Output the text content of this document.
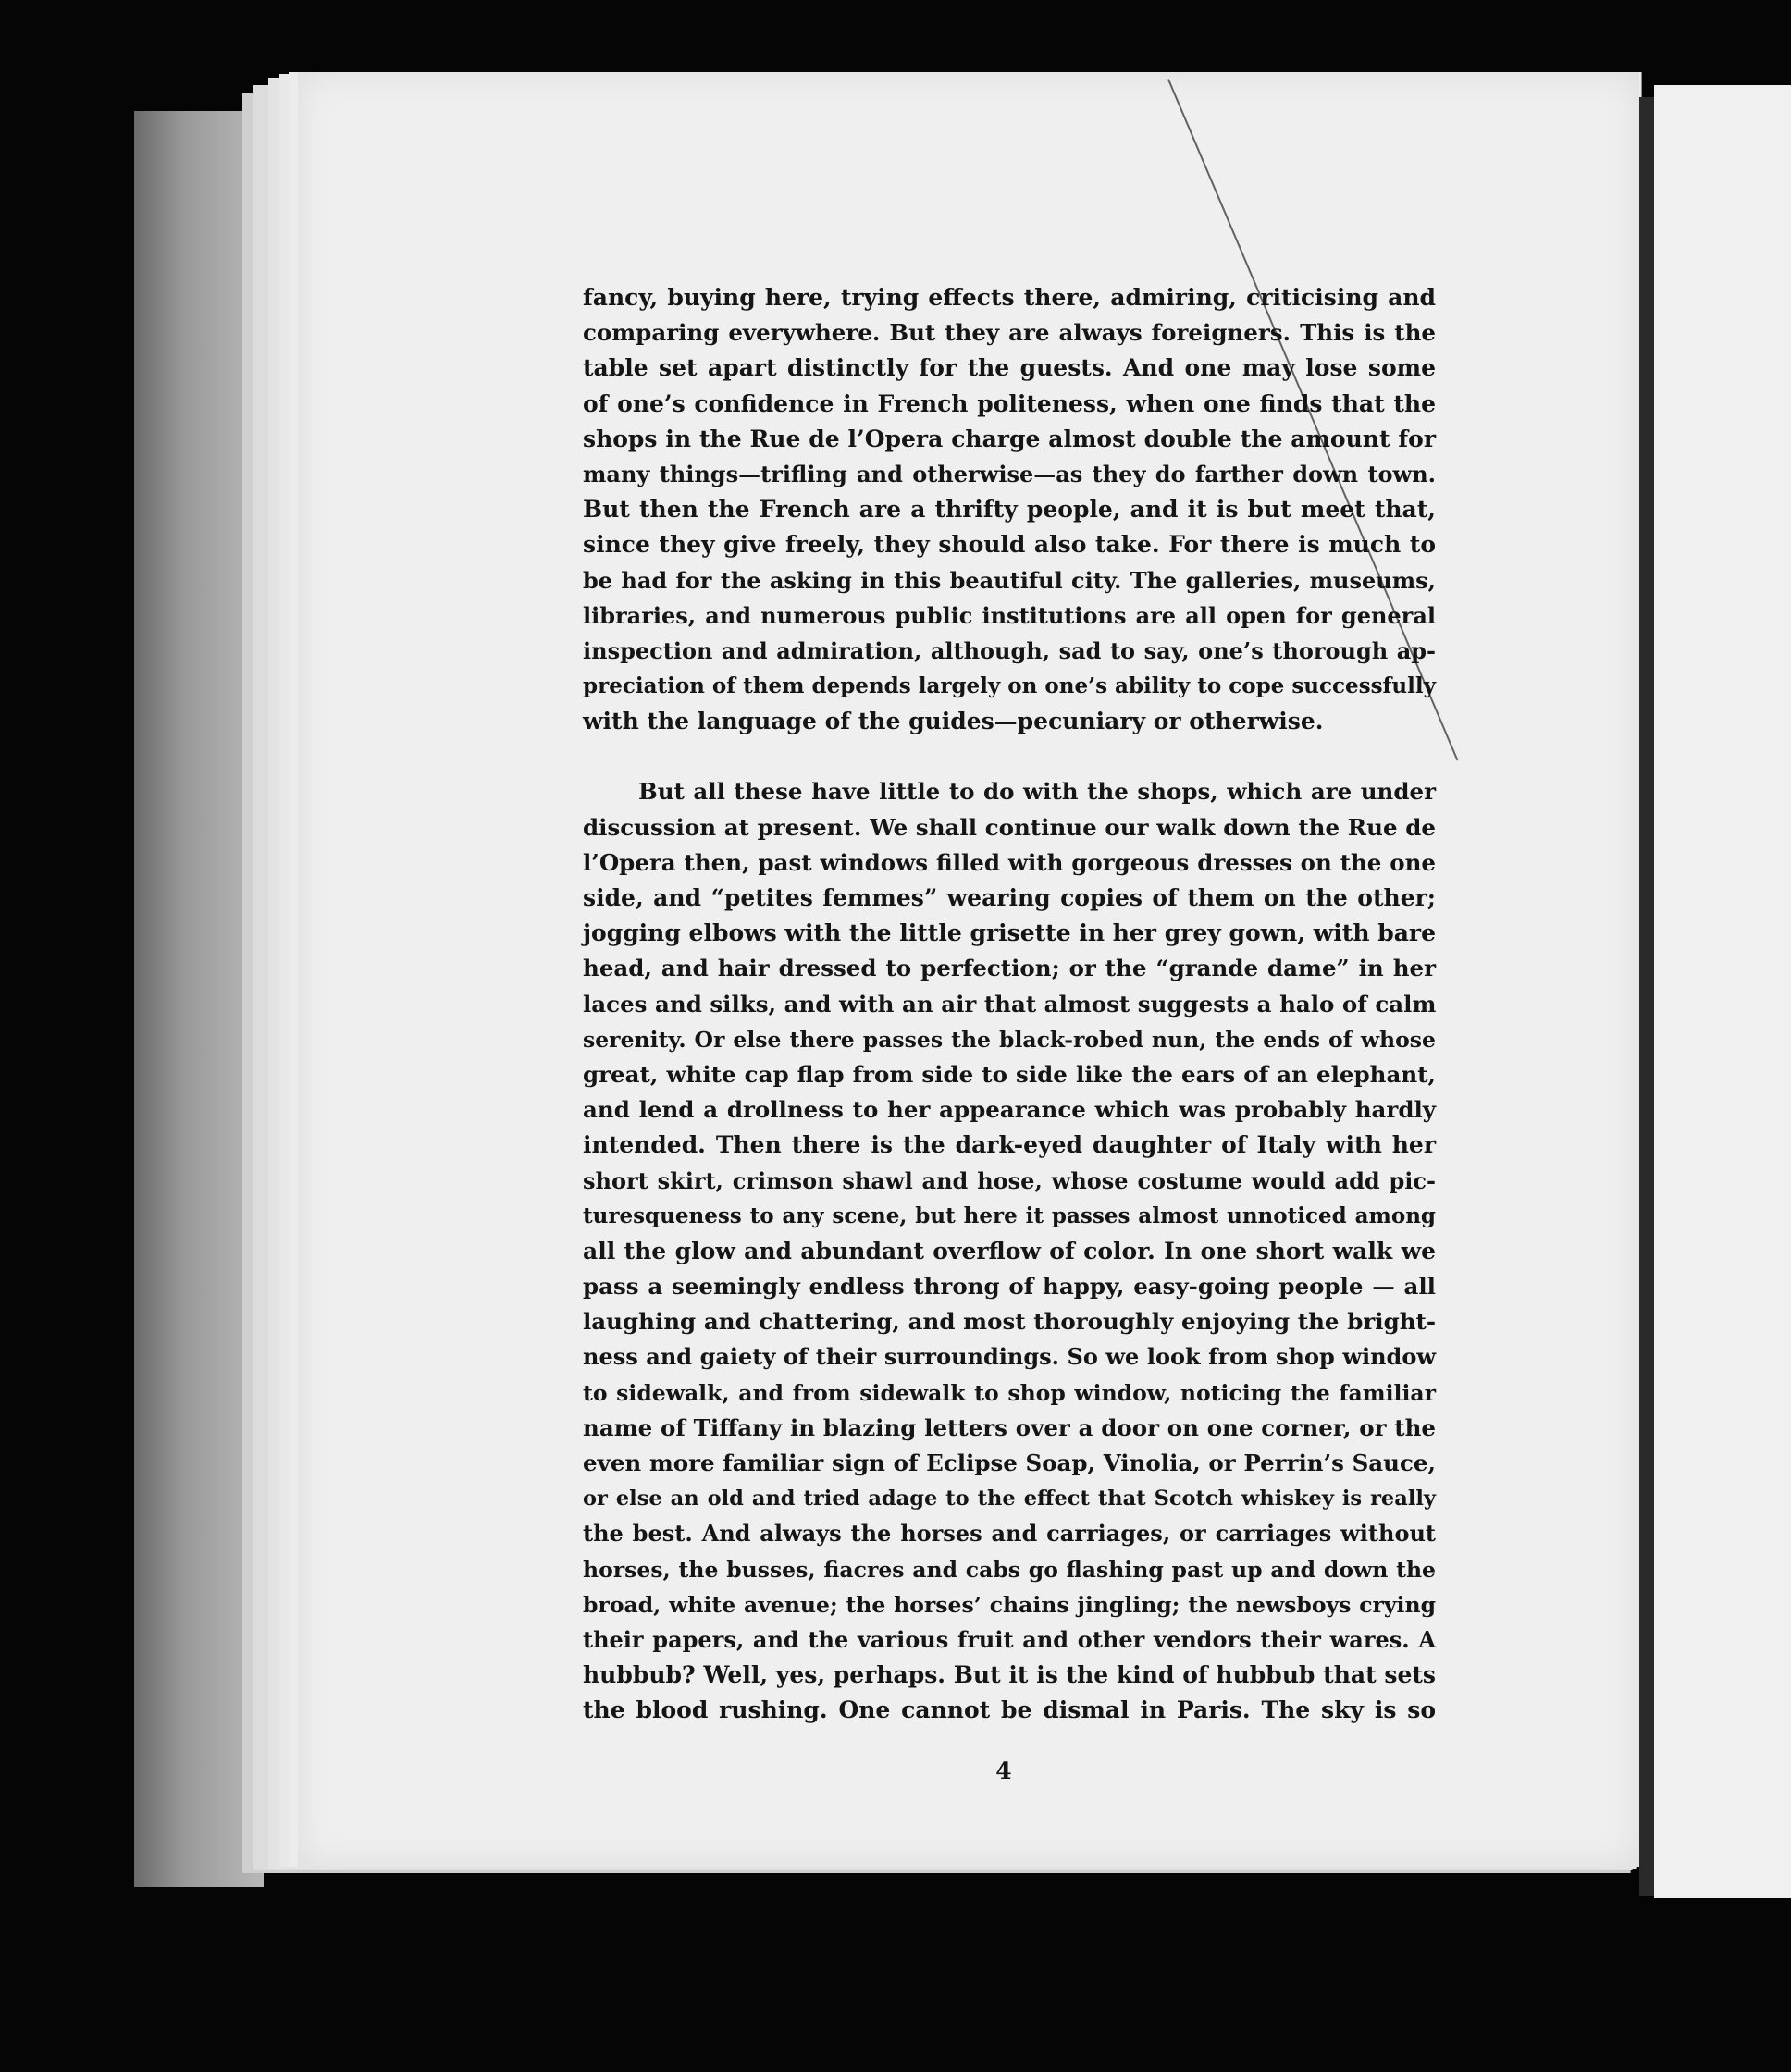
fancy, buying here, trying effects there, admiring, criticising and

comparing everywhere. But they are always foreigners. This is the

table set apart distinctly for the guests. And one may lose some

of one’s confidence in French politeness, when one finds that the

shops in the Rue de l’Opera charge almost double the amount for

many things—trifling and otherwise—as they do farther down town.

But then the French are a thrifty people, and it is but meet that,

since they give freely, they should also take. For there is much to

be had for the asking in this beautiful city. The galleries, museums,

libraries, and numerous public institutions are all open for general

inspection and admiration, although, sad to say, one’s thorough ap-

preciation of them depends largely on one’s ability to cope successfully

with the language of the guides—pecuniary or otherwise.

But all these have little to do with the shops, which are under

discussion at present. We shall continue our walk down the Rue de

l’Opera then, past windows filled with gorgeous dresses on the one

side, and “petites femmes” wearing copies of them on the other;

jogging elbows with the little grisette in her grey gown, with bare

head, and hair dressed to perfection; or the “grande dame” in her

laces and silks, and with an air that almost suggests a halo of calm

serenity. Or else there passes the black-robed nun, the ends of whose

great, white cap flap from side to side like the ears of an elephant,

and lend a drollness to her appearance which was probably hardly

intended. Then there is the dark-eyed daughter of Italy with her

short skirt, crimson shawl and hose, whose costume would add pic-

turesqueness to any scene, but here it passes almost unnoticed among

all the glow and abundant overflow of color. In one short walk we

pass a seemingly endless throng of happy, easy-going people — all

laughing and chattering, and most thoroughly enjoying the bright-

ness and gaiety of their surroundings. So we look from shop window

to sidewalk, and from sidewalk to shop window, noticing the familiar

name of Tiffany in blazing letters over a door on one corner, or the

even more familiar sign of Eclipse Soap, Vinolia, or Perrin’s Sauce,

or else an old and tried adage to the effect that Scotch whiskey is really

the best. And always the horses and carriages, or carriages without

horses, the busses, fiacres and cabs go flashing past up and down the

broad, white avenue; the horses’ chains jingling; the newsboys crying

their papers, and the various fruit and other vendors their wares. A

hubbub? Well, yes, perhaps. But it is the kind of hubbub that sets

the blood rushing. One cannot be dismal in Paris. The sky is so

4
